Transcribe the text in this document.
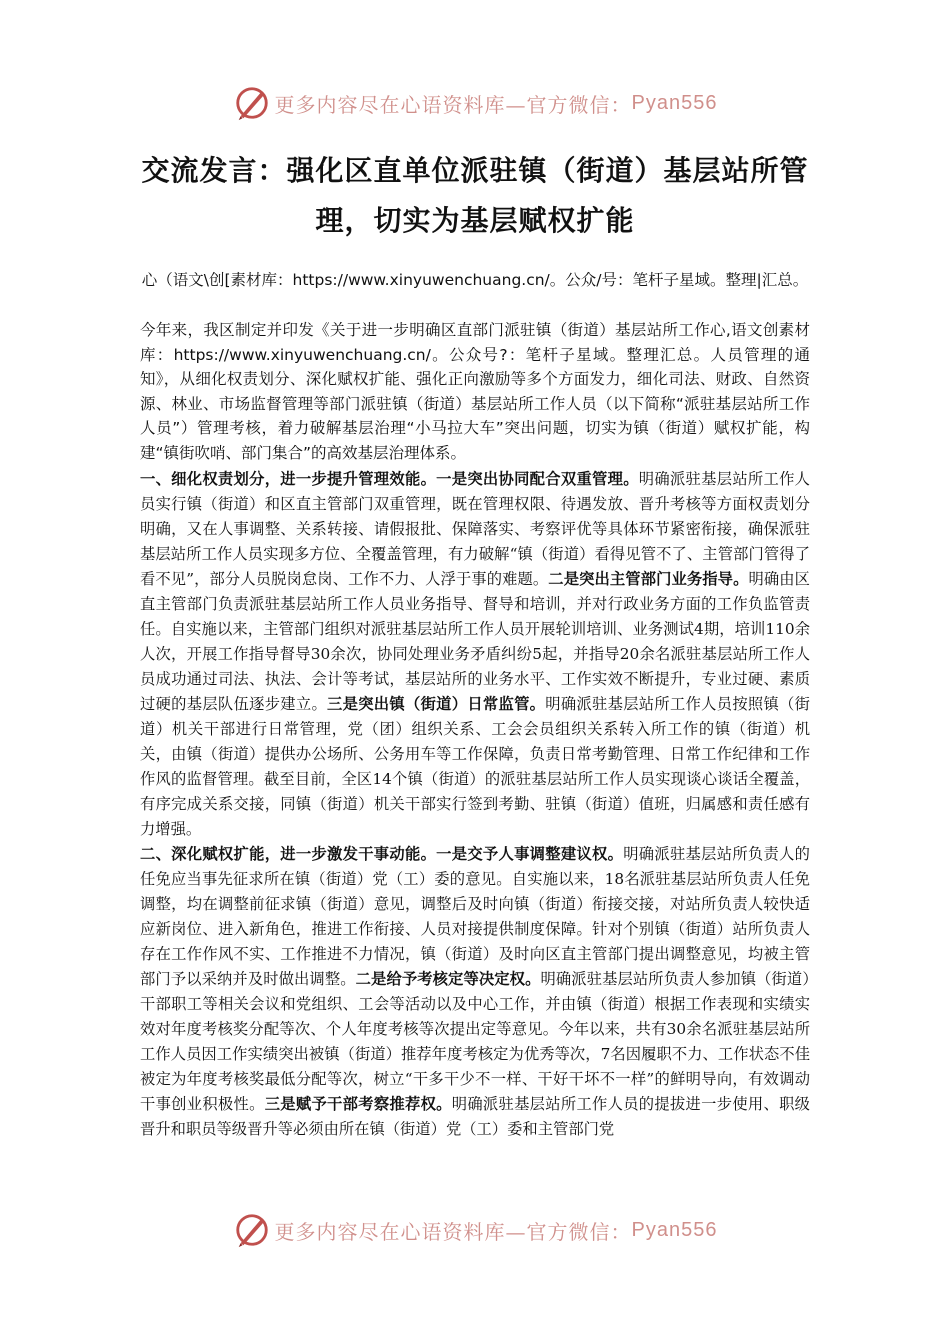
更多内容尽在心语资料库—官方微信： Pyan556
交流发言：强化区直单位派驻镇（街道）基层站所管理，切实为基层赋权扩能
心（语文\创[素材库：https://www.xinyuwenchuang.cn/。公众/号：笔杆子星域。整理|汇总。
今年来，我区制定并印发《关于进一步明确区直部门派驻镇（街道）基层站所工作心,语文创素材库：https://www.xinyuwenchuang.cn/。公众号?：笔杆子星域。整理汇总。人员管理的通知》，从细化权责划分、深化赋权扩能、强化正向激励等多个方面发力，细化司法、财政、自然资源、林业、市场监督管理等部门派驻镇（街道）基层站所工作人员（以下简称“派驻基层站所工作人员”）管理考核，着力破解基层治理“小马拉大车”突出问题，切实为镇（街道）赋权扩能，构建“镇街吹哨、部门集合”的高效基层治理体系。

一、细化权责划分，进一步提升管理效能。一是突出协同配合双重管理。明确派驻基层站所工作人员实行镇（街道）和区直主管部门双重管理，既在管理权限、待遇发放、晋升考核等方面权责划分明确，又在人事调整、关系转接、请假报批、保障落实、考察评优等具体环节紧密衔接，确保派驻基层站所工作人员实现多方位、全覆盖管理，有力破解“镇（街道）看得见管不了、主管部门管得了看不见”，部分人员脱岗怠岗、工作不力、人浮于事的难题。二是突出主管部门业务指导。明确由区直主管部门负责派驻基层站所工作人员业务指导、督导和培训，并对行政业务方面的工作负监管责任。自实施以来，主管部门组织对派驻基层站所工作人员开展轮训培训、业务测试4期，培训110余人次，开展工作指导督导30余次，协同处理业务矛盾纠纷5起，并指导20余名派驻基层站所工作人员成功通过司法、执法、会计等考试，基层站所的业务水平、工作实效不断提升，专业过硬、素质过硬的基层队伍逐步建立。三是突出镇（街道）日常监管。明确派驻基层站所工作人员按照镇（街道）机关干部进行日常管理，党（团）组织关系、工会会员组织关系转入所工作的镇（街道）机关，由镇（街道）提供办公场所、公务用车等工作保障，负责日常考勤管理、日常工作纪律和工作作风的监督管理。截至目前，全区14个镇（街道）的派驻基层站所工作人员实现谈心谈话全覆盖，有序完成关系交接，同镇（街道）机关干部实行签到考勤、驻镇（街道）值班，归属感和责任感有力增强。

二、深化赋权扩能，进一步激发干事动能。一是交予人事调整建议权。明确派驻基层站所负责人的任免应当事先征求所在镇（街道）党（工）委的意见。自实施以来，18名派驻基层站所负责人任免调整，均在调整前征求镇（街道）意见，调整后及时向镇（街道）衔接交接，对站所负责人较快适应新岗位、进入新角色，推进工作衔接、人员对接提供制度保障。针对个别镇（街道）站所负责人存在工作作风不实、工作推进不力情况，镇（街道）及时向区直主管部门提出调整意见，均被主管部门予以采纳并及时做出调整。二是给予考核定等决定权。明确派驻基层站所负责人参加镇（街道）干部职工等相关会议和党组织、工会等活动以及中心工作，并由镇（街道）根据工作表现和实绩实效对年度考核奖分配等次、个人年度考核等次提出定等意见。今年以来，共有30余名派驻基层站所工作人员因工作实绩突出被镇（街道）推荐年度考核定为优秀等次，7名因履职不力、工作状态不佳被定为年度考核奖最低分配等次，树立“干多干少不一样、干好干坏不一样”的鲜明导向，有效调动干事创业积极性。三是赋予干部考察推荐权。明确派驻基层站所工作人员的提拔进一步使用、职级晋升和职员等级晋升等必须由所在镇（街道）党（工）委和主管部门党

更多内容尽在心语资料库—官方微信： Pyan556
